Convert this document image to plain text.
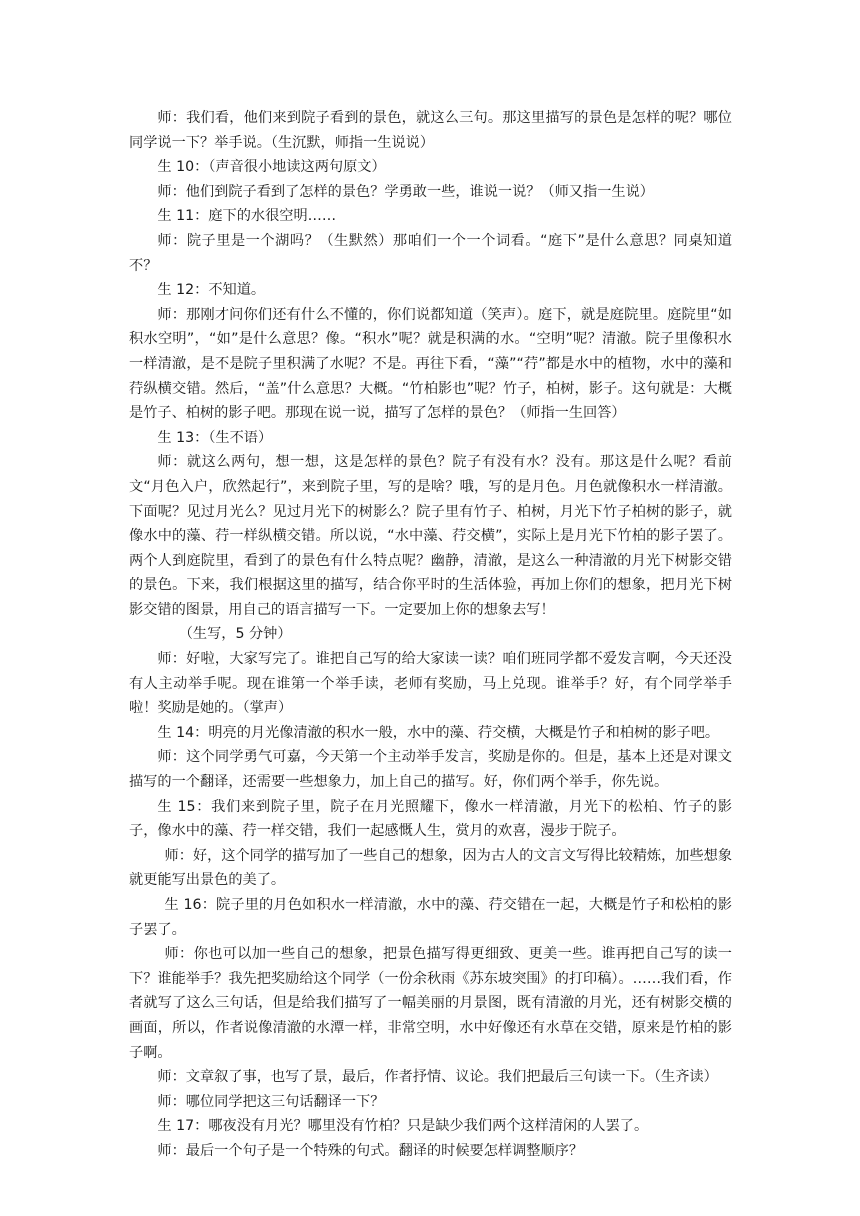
师：我们看，他们来到院子看到的景色，就这么三句。那这里描写的景色是怎样的呢？哪位同学说一下？举手说。（生沉默，师指一生说说）

生 10：（声音很小地读这两句原文）

师：他们到院子看到了怎样的景色？学勇敢一些，谁说一说？（师又指一生说）

生 11：庭下的水很空明……

师：院子里是一个湖吗？（生默然）那咱们一个一个词看。“庭下”是什么意思？同桌知道不？

生 12：不知道。

师：那刚才问你们还有什么不懂的，你们说都知道（笑声）。庭下，就是庭院里。庭院里“如积水空明”，“如”是什么意思？像。“积水”呢？就是积满的水。“空明”呢？清澈。院子里像积水一样清澈，是不是院子里积满了水呢？不是。再往下看，“藻”“荇”都是水中的植物，水中的藻和荇纵横交错。然后，“盖”什么意思？大概。“竹柏影也”呢？竹子，柏树，影子。这句就是：大概是竹子、柏树的影子吧。那现在说一说，描写了怎样的景色？（师指一生回答）

生 13：（生不语）

师：就这么两句，想一想，这是怎样的景色？院子有没有水？没有。那这是什么呢？看前文“月色入户，欣然起行”，来到院子里，写的是啥？哦，写的是月色。月色就像积水一样清澈。下面呢？见过月光么？见过月光下的树影么？院子里有竹子、柏树，月光下竹子柏树的影子，就像水中的藻、荇一样纵横交错。所以说，“水中藻、荇交横”，实际上是月光下竹柏的影子罢了。两个人到庭院里，看到了的景色有什么特点呢？幽静，清澈，是这么一种清澈的月光下树影交错的景色。下来，我们根据这里的描写，结合你平时的生活体验，再加上你们的想象，把月光下树影交错的图景，用自己的语言描写一下。一定要加上你的想象去写！

（生写，5 分钟）

师：好啦，大家写完了。谁把自己写的给大家读一读？咱们班同学都不爱发言啊，今天还没有人主动举手呢。现在谁第一个举手读，老师有奖励，马上兑现。谁举手？好，有个同学举手啦！奖励是她的。（掌声）

生 14：明亮的月光像清澈的积水一般，水中的藻、荇交横，大概是竹子和柏树的影子吧。

师：这个同学勇气可嘉，今天第一个主动举手发言，奖励是你的。但是，基本上还是对课文描写的一个翻译，还需要一些想象力，加上自己的描写。好，你们两个举手，你先说。

生 15：我们来到院子里，院子在月光照耀下，像水一样清澈，月光下的松柏、竹子的影子，像水中的藻、荇一样交错，我们一起感慨人生，赏月的欢喜，漫步于院子。

师：好，这个同学的描写加了一些自己的想象，因为古人的文言文写得比较精炼，加些想象就更能写出景色的美了。

生 16：院子里的月色如积水一样清澈，水中的藻、荇交错在一起，大概是竹子和松柏的影子罢了。

师：你也可以加一些自己的想象，把景色描写得更细致、更美一些。谁再把自己写的读一下？谁能举手？我先把奖励给这个同学（一份余秋雨《苏东坡突围》的打印稿）。……我们看，作者就写了这么三句话，但是给我们描写了一幅美丽的月景图，既有清澈的月光，还有树影交横的画面，所以，作者说像清澈的水潭一样，非常空明，水中好像还有水草在交错，原来是竹柏的影子啊。

师：文章叙了事，也写了景，最后，作者抒情、议论。我们把最后三句读一下。（生齐读）

师：哪位同学把这三句话翻译一下？

生 17：哪夜没有月光？哪里没有竹柏？只是缺少我们两个这样清闲的人罢了。

师：最后一个句子是一个特殊的句式。翻译的时候要怎样调整顺序？
